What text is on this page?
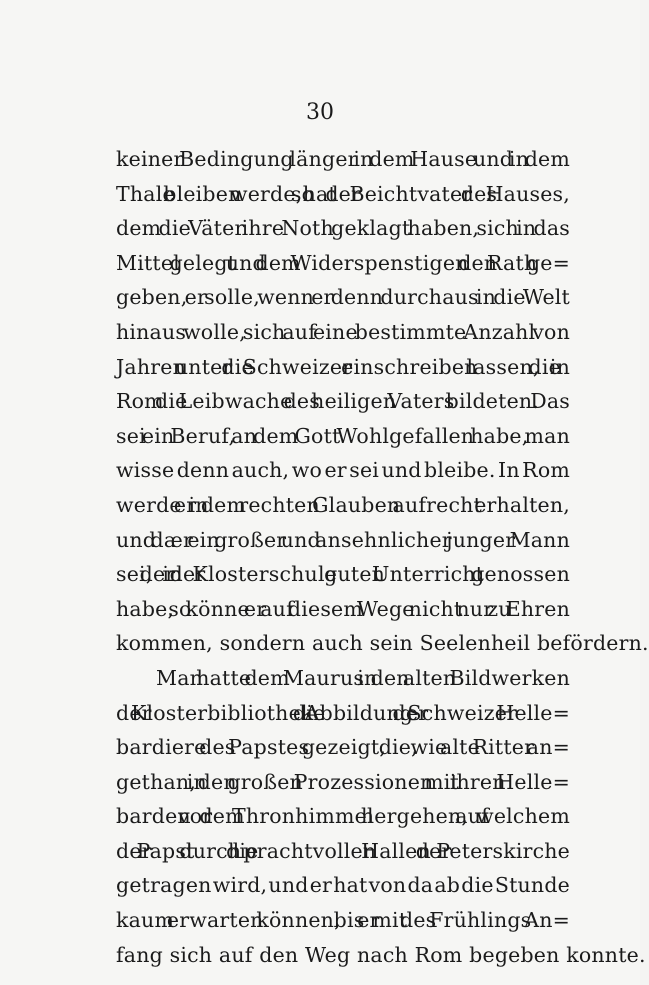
30
keiner Bedingung länger in dem Hause und in dem
Thale bleiben werde, so hat der Beichtvater des Hauses,
dem die Väter ihre Noth geklagt haben, sich in das
Mittel gelegt und dem Widerspenstigen den Rath ge=
geben, er solle, wenn er denn durchaus in die Welt
hinaus wolle, sich auf eine bestimmte Anzahl von
Jahren unter die Schweizer einschreiben lassen, die in
Rom die Leibwache des heiligen Vaters bildeten. Das
sei ein Beruf, an dem Gott Wohlgefallen habe, man
wisse denn auch, wo er sei und bleibe. In Rom
werde er in dem rechten Glauben aufrecht erhalten,
und da er ein großer und ansehnlicher junger Mann
sei, der in der Klosterschule guten Unterricht genossen
habe, so könne er auf diesem Wege nicht nur zu Ehren
kommen, sondern auch sein Seelenheil befördern.
Man hatte dem Maurus in den alten Bildwerken
der Klosterbibliothek die Abbildung der Schweizer Helle=
bardiere des Papstes gezeigt, die, wie alte Ritter an=
gethan, in den großen Prozessionen mit ihren Helle=
barden vor dem Thronhimmel hergehen, auf welchem
der Papst durch die prachtvollen Hallen der Peterskirche
getragen wird, und er hat von da ab die Stunde
kaum erwarten können, bis er mit des Frühlings An=
fang sich auf den Weg nach Rom begeben konnte.
